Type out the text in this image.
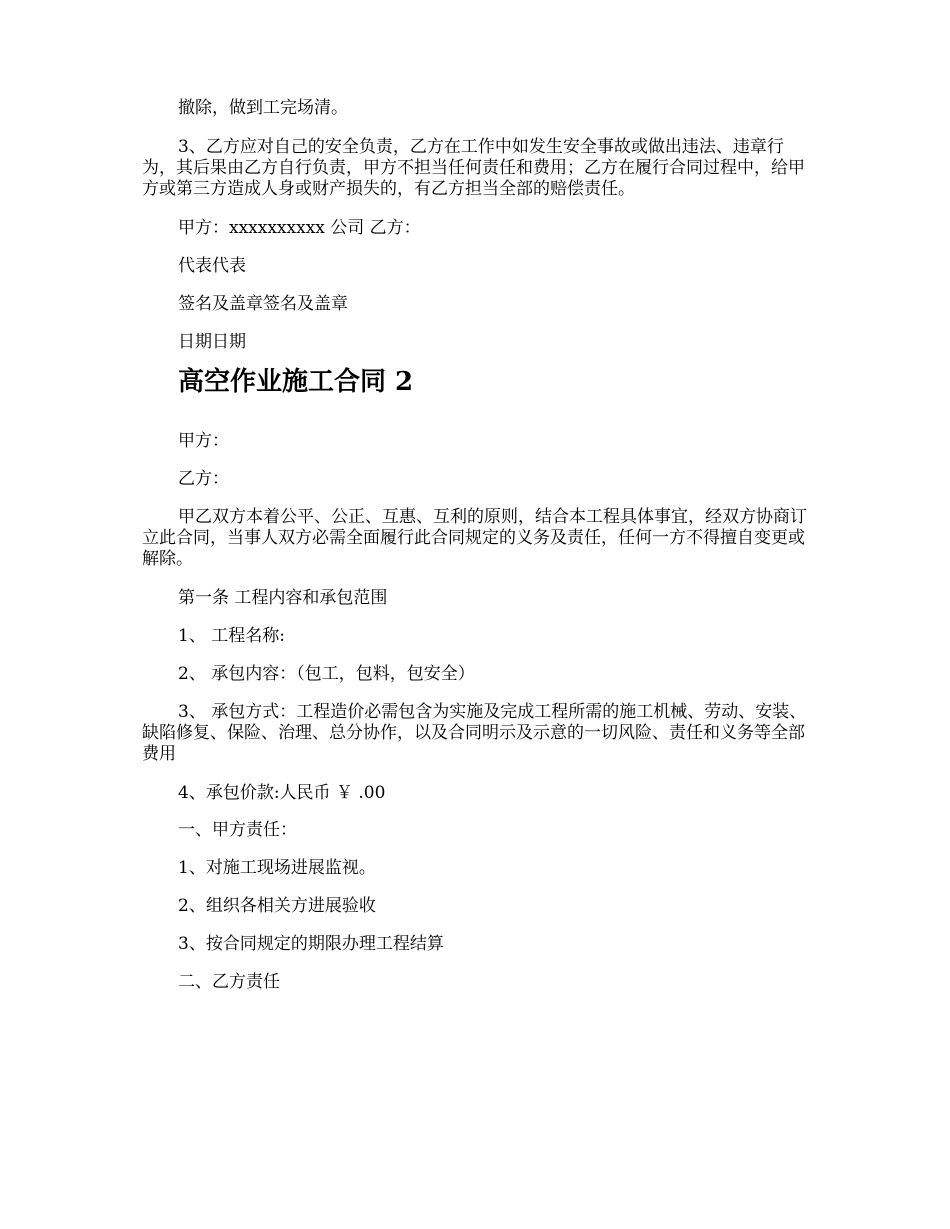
撤除，做到工完场清。
3、乙方应对自己的安全负责，乙方在工作中如发生安全事故或做出违法、违章行为，其后果由乙方自行负责，甲方不担当任何责任和费用；乙方在履行合同过程中，给甲方或第三方造成人身或财产损失的，有乙方担当全部的赔偿责任。
甲方：xxxxxxxxxx 公司 乙方：
代表代表
签名及盖章签名及盖章
日期日期
高空作业施工合同 2
甲方：
乙方：
甲乙双方本着公平、公正、互惠、互利的原则，结合本工程具体事宜，经双方协商订立此合同，当事人双方必需全面履行此合同规定的义务及责任，任何一方不得擅自变更或解除。
第一条 工程内容和承包范围
1、 工程名称:
2、 承包内容：（包工，包料，包安全）
3、 承包方式：工程造价必需包含为实施及完成工程所需的施工机械、劳动、安装、缺陷修复、保险、治理、总分协作，以及合同明示及示意的一切风险、责任和义务等全部费用
4、承包价款:人民币 ￥ .00
一、甲方责任：
1、对施工现场进展监视。
2、组织各相关方进展验收
3、按合同规定的期限办理工程结算
二、乙方责任
